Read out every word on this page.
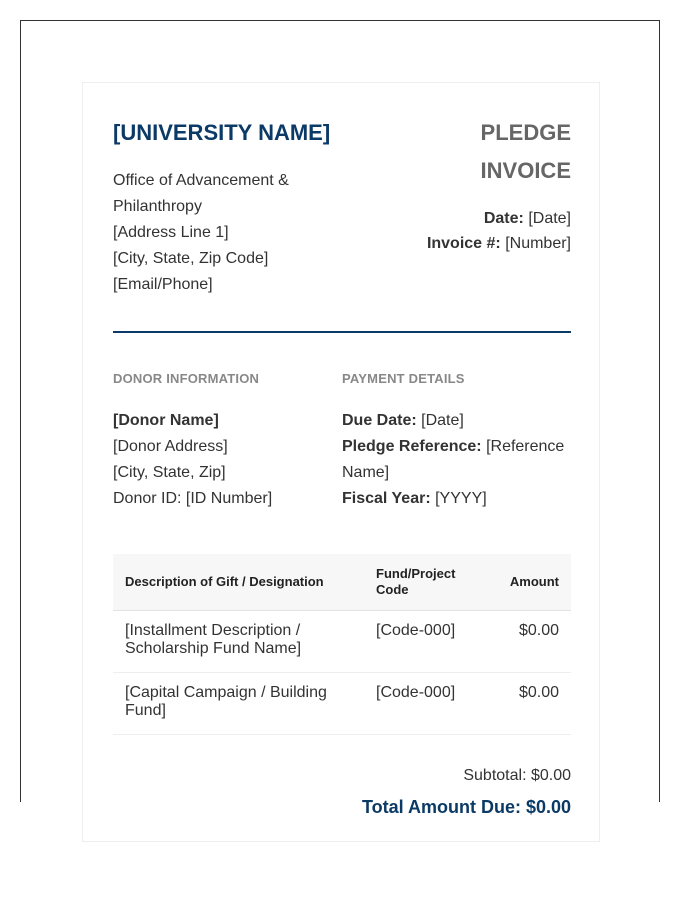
[UNIVERSITY NAME]
Office of Advancement &
Philanthropy
[Address Line 1]
[City, State, Zip Code]
[Email/Phone]
PLEDGE
INVOICE
Date: [Date]
Invoice #: [Number]
DONOR INFORMATION
[Donor Name]
[Donor Address]
[City, State, Zip]
Donor ID: [ID Number]
PAYMENT DETAILS
Due Date: [Date]
Pledge Reference: [Reference Name]
Fiscal Year: [YYYY]
Description of Gift / Designation	Fund/Project Code	Amount
[Installment Description / Scholarship Fund Name]	[Code-000]	$0.00
[Capital Campaign / Building Fund]	[Code-000]	$0.00
Subtotal: $0.00
Total Amount Due: $0.00
